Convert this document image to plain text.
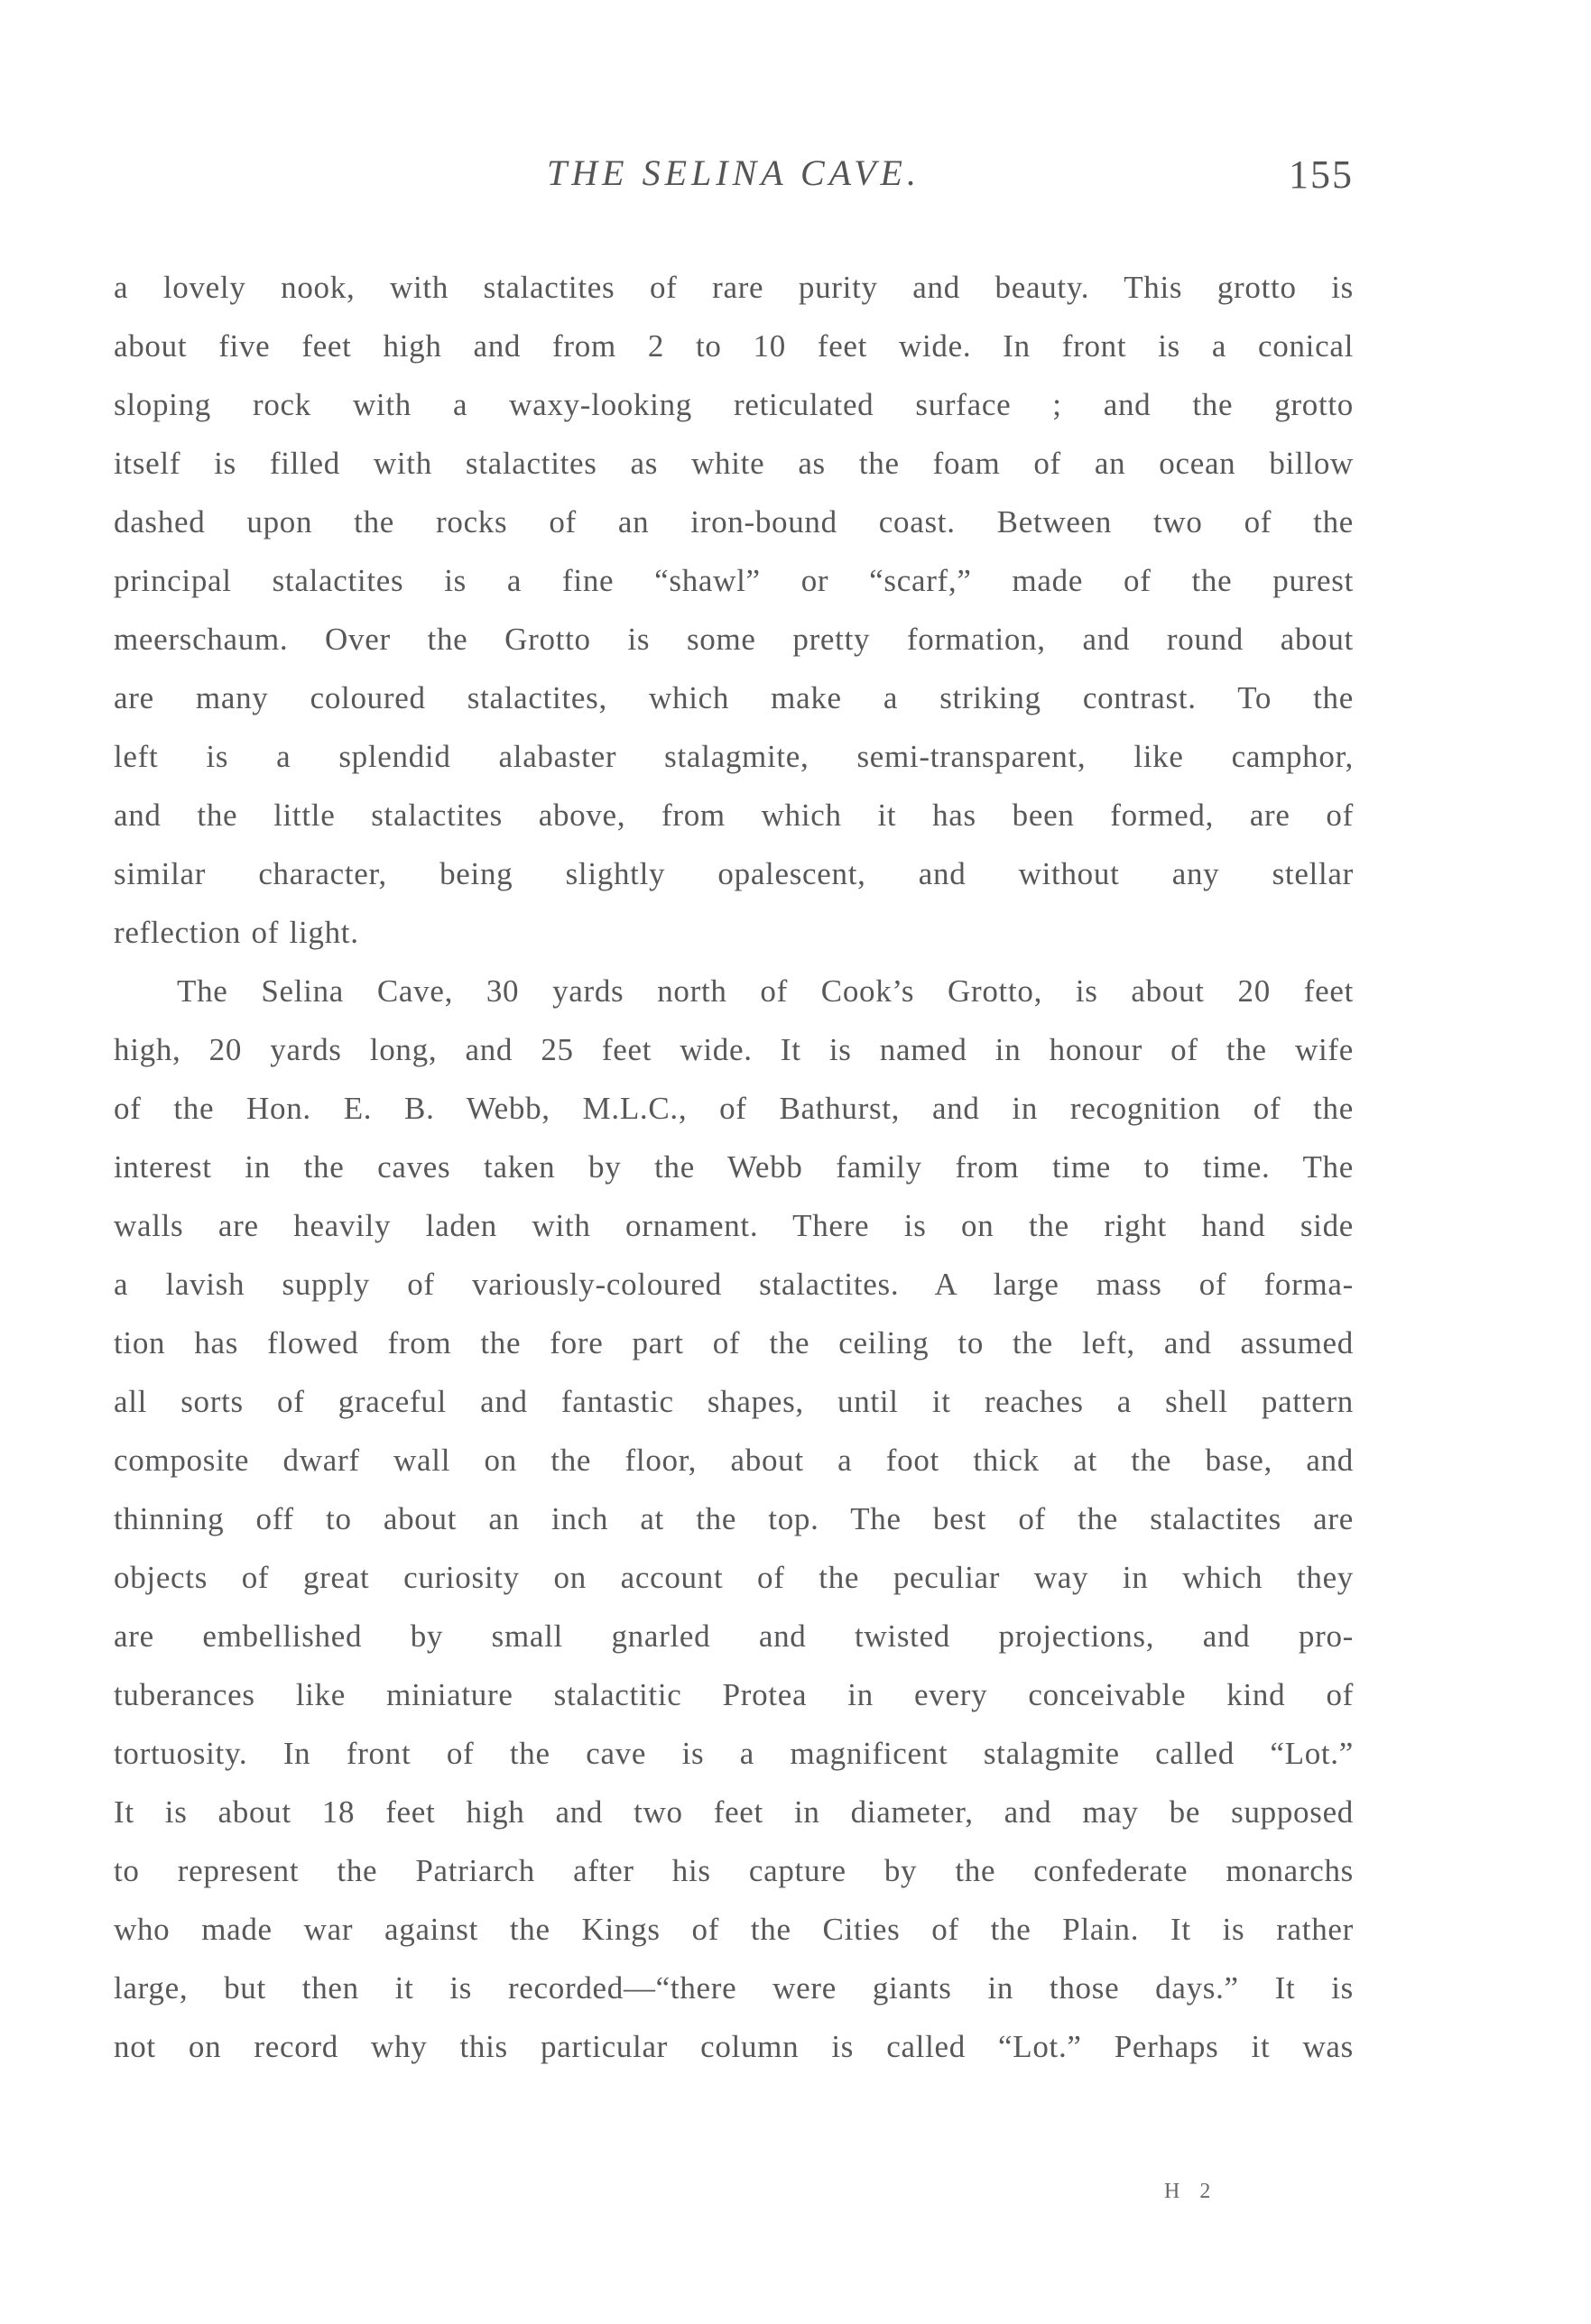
THE SELINA CAVE.	155
a lovely nook, with stalactites of rare purity and beauty. This grotto is
about five feet high and from 2 to 10 feet wide. In front is a conical
sloping rock with a waxy-looking reticulated surface ; and the grotto
itself is filled with stalactites as white as the foam of an ocean billow
dashed upon the rocks of an iron-bound coast. Between two of the
principal stalactites is a fine “shawl” or “scarf,” made of the purest
meerschaum. Over the Grotto is some pretty formation, and round about
are many coloured stalactites, which make a striking contrast. To the
left is a splendid alabaster stalagmite, semi-transparent, like camphor,
and the little stalactites above, from which it has been formed, are of
similar character, being slightly opalescent, and without any stellar
reflection of light.
The Selina Cave, 30 yards north of Cook’s Grotto, is about 20 feet
high, 20 yards long, and 25 feet wide. It is named in honour of the wife
of the Hon. E. B. Webb, M.L.C., of Bathurst, and in recognition of the
interest in the caves taken by the Webb family from time to time. The
walls are heavily laden with ornament. There is on the right hand side
a lavish supply of variously-coloured stalactites. A large mass of forma-
tion has flowed from the fore part of the ceiling to the left, and assumed
all sorts of graceful and fantastic shapes, until it reaches a shell pattern
composite dwarf wall on the floor, about a foot thick at the base, and
thinning off to about an inch at the top. The best of the stalactites are
objects of great curiosity on account of the peculiar way in which they
are embellished by small gnarled and twisted projections, and pro-
tuberances like miniature stalactitic Protea in every conceivable kind of
tortuosity. In front of the cave is a magnificent stalagmite called “Lot.”
It is about 18 feet high and two feet in diameter, and may be supposed
to represent the Patriarch after his capture by the confederate monarchs
who made war against the Kings of the Cities of the Plain. It is rather
large, but then it is recorded—“there were giants in those days.” It is
not on record why this particular column is called “Lot.” Perhaps it was
H 2
